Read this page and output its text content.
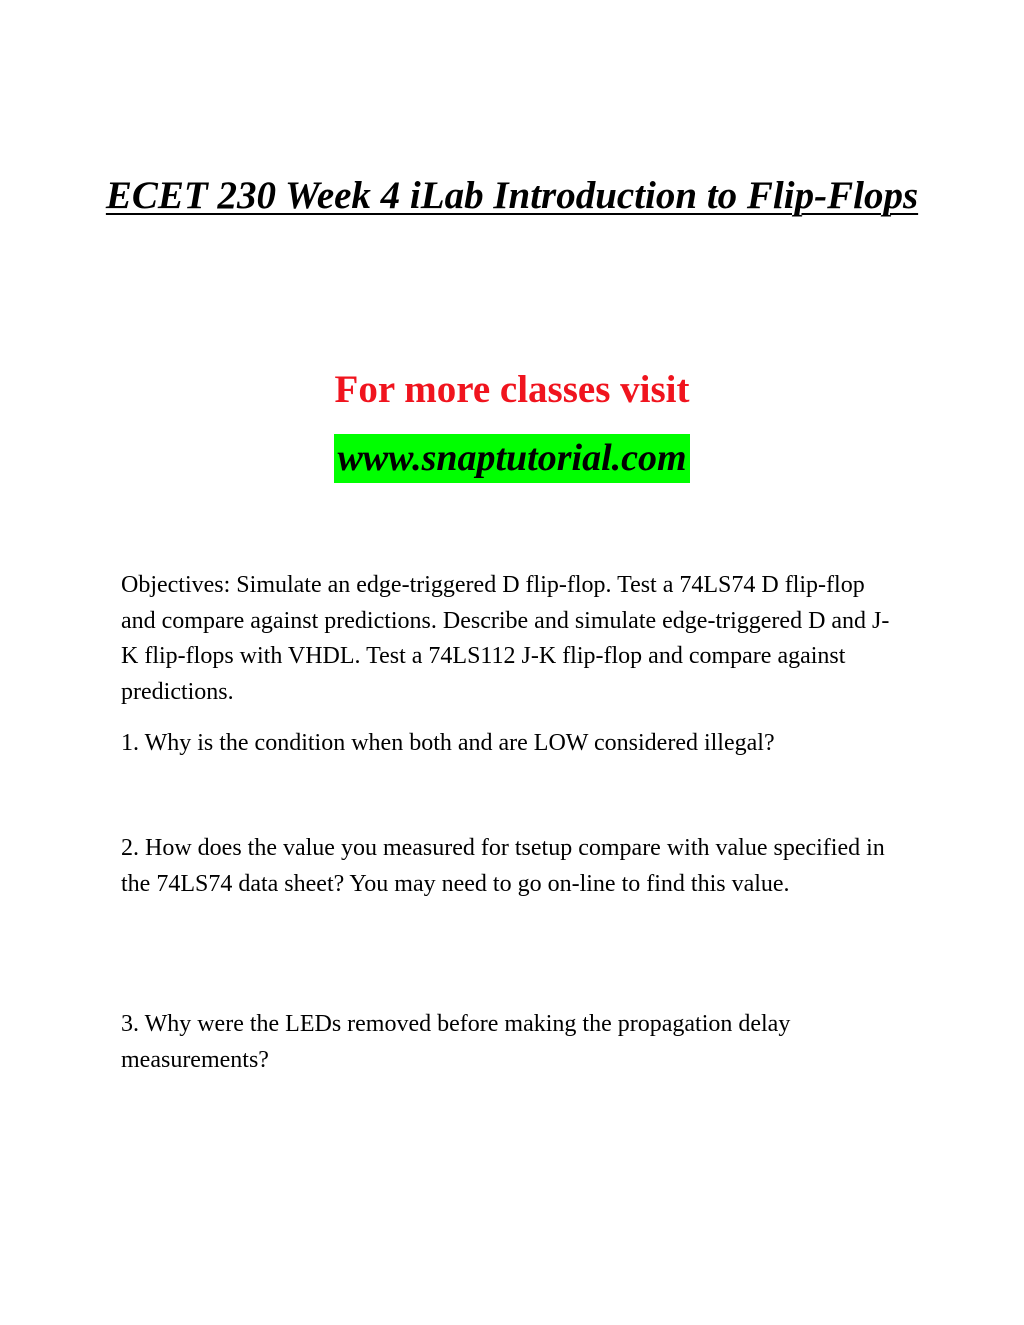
ECET 230 Week 4 iLab Introduction to Flip-Flops
For more classes visit
www.snaptutorial.com

Objectives: Simulate an edge-triggered D flip-flop. Test a 74LS74 D flip-flop and compare against predictions. Describe and simulate edge-triggered D and J-K flip-flops with VHDL. Test a 74LS112 J-K flip-flop and compare against predictions.

1. Why is the condition when both and are LOW considered illegal?

2. How does the value you measured for tsetup compare with value specified in the 74LS74 data sheet? You may need to go on-line to find this value.

3. Why were the LEDs removed before making the propagation delay measurements?
